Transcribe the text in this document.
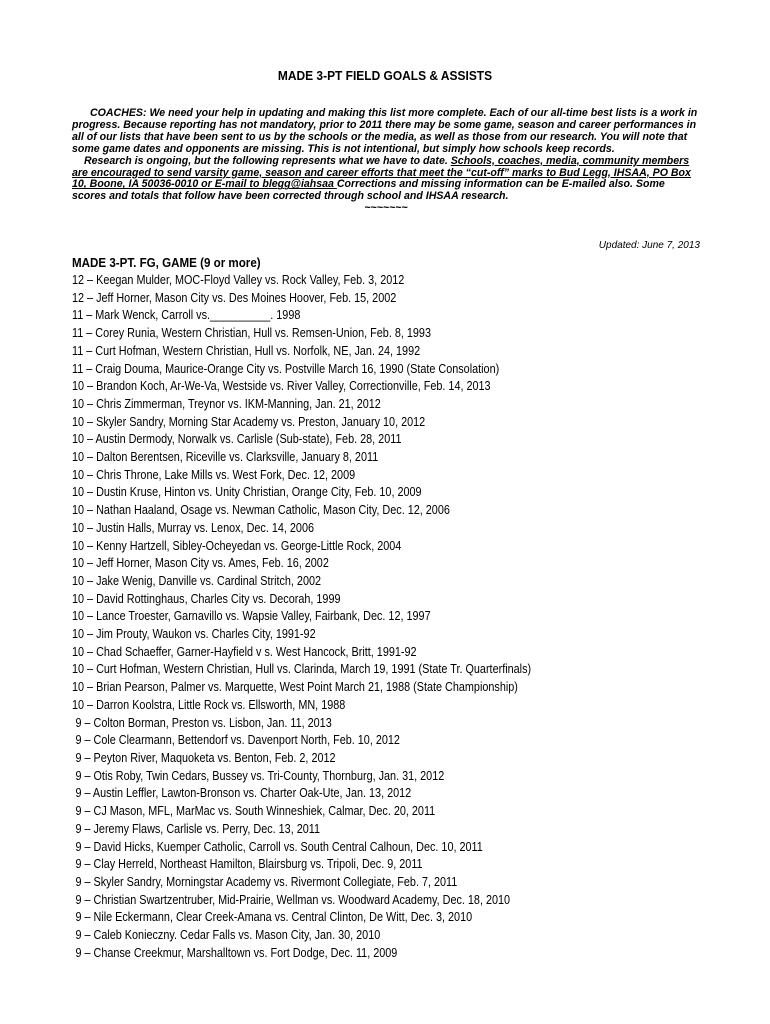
MADE 3-PT FIELD GOALS & ASSISTS

COACHES: We need your help in updating and making this list more complete. Each of our all-time best lists is a work in progress. Because reporting has not mandatory, prior to 2011 there may be some game, season and career performances in all of our lists that have been sent to us by the schools or the media, as well as those from our research. You will note that some game dates and opponents are missing. This is not intentional, but simply how schools keep records.

Research is ongoing, but the following represents what we have to date. Schools, coaches, media, community members are encouraged to send varsity game, season and career efforts that meet the “cut-off” marks to Bud Legg, IHSAA, PO Box 10, Boone, IA 50036-0010 or E-mail to blegg@iahsaa Corrections and missing information can be E-mailed also. Some scores and totals that follow have been corrected through school and IHSAA research.

~~~~~~~

Updated: June 7, 2013
MADE 3-PT. FG, GAME (9 or more)
12 – Keegan Mulder, MOC-Floyd Valley vs. Rock Valley, Feb. 3, 2012
12 – Jeff Horner, Mason City vs. Des Moines Hoover, Feb. 15, 2002
11 – Mark Wenck, Carroll vs.__________. 1998
11 – Corey Runia, Western Christian, Hull vs. Remsen-Union, Feb. 8, 1993
11 – Curt Hofman, Western Christian, Hull vs. Norfolk, NE, Jan. 24, 1992
11 – Craig Douma, Maurice-Orange City vs. Postville March 16, 1990 (State Consolation)
10 – Brandon Koch, Ar-We-Va, Westside vs. River Valley, Correctionville, Feb. 14, 2013
10 – Chris Zimmerman, Treynor vs. IKM-Manning, Jan. 21, 2012
10 – Skyler Sandry, Morning Star Academy vs. Preston, January 10, 2012
10 – Austin Dermody, Norwalk vs. Carlisle (Sub-state), Feb. 28, 2011
10 – Dalton Berentsen, Riceville vs. Clarksville, January 8, 2011
10 – Chris Throne, Lake Mills vs. West Fork, Dec. 12, 2009
10 – Dustin Kruse, Hinton vs. Unity Christian, Orange City, Feb. 10, 2009
10 – Nathan Haaland, Osage vs. Newman Catholic, Mason City, Dec. 12, 2006
10 – Justin Halls, Murray vs. Lenox, Dec. 14, 2006
10 – Kenny Hartzell, Sibley-Ocheyedan vs. George-Little Rock, 2004
10 – Jeff Horner, Mason City vs. Ames, Feb. 16, 2002
10 – Jake Wenig, Danville vs. Cardinal Stritch, 2002
10 – David Rottinghaus, Charles City vs. Decorah, 1999
10 – Lance Troester, Garnavillo vs. Wapsie Valley, Fairbank, Dec. 12, 1997
10 – Jim Prouty, Waukon vs. Charles City, 1991-92
10 – Chad Schaeffer, Garner-Hayfield v s. West Hancock, Britt, 1991-92
10 – Curt Hofman, Western Christian, Hull vs. Clarinda, March 19, 1991 (State Tr. Quarterfinals)
10 – Brian Pearson, Palmer vs. Marquette, West Point March 21, 1988 (State Championship)
10 – Darron Koolstra, Little Rock vs. Ellsworth, MN, 1988
9 – Colton Borman, Preston vs. Lisbon, Jan. 11, 2013
9 – Cole Clearmann, Bettendorf vs. Davenport North, Feb. 10, 2012
9 – Peyton River, Maquoketa vs. Benton, Feb. 2, 2012
9 – Otis Roby, Twin Cedars, Bussey vs. Tri-County, Thornburg, Jan. 31, 2012
9 – Austin Leffler, Lawton-Bronson vs. Charter Oak-Ute, Jan. 13, 2012
9 – CJ Mason, MFL, MarMac vs. South Winneshiek, Calmar, Dec. 20, 2011
9 – Jeremy Flaws, Carlisle vs. Perry, Dec. 13, 2011
9 – David Hicks, Kuemper Catholic, Carroll vs. South Central Calhoun, Dec. 10, 2011
9 – Clay Herreld, Northeast Hamilton, Blairsburg vs. Tripoli, Dec. 9, 2011
9 – Skyler Sandry, Morningstar Academy vs. Rivermont Collegiate, Feb. 7, 2011
9 – Christian Swartzentruber, Mid-Prairie, Wellman vs. Woodward Academy, Dec. 18, 2010
9 – Nile Eckermann, Clear Creek-Amana vs. Central Clinton, De Witt, Dec. 3, 2010
9 – Caleb Konieczny. Cedar Falls vs. Mason City, Jan. 30, 2010
9 – Chanse Creekmur, Marshalltown vs. Fort Dodge, Dec. 11, 2009
